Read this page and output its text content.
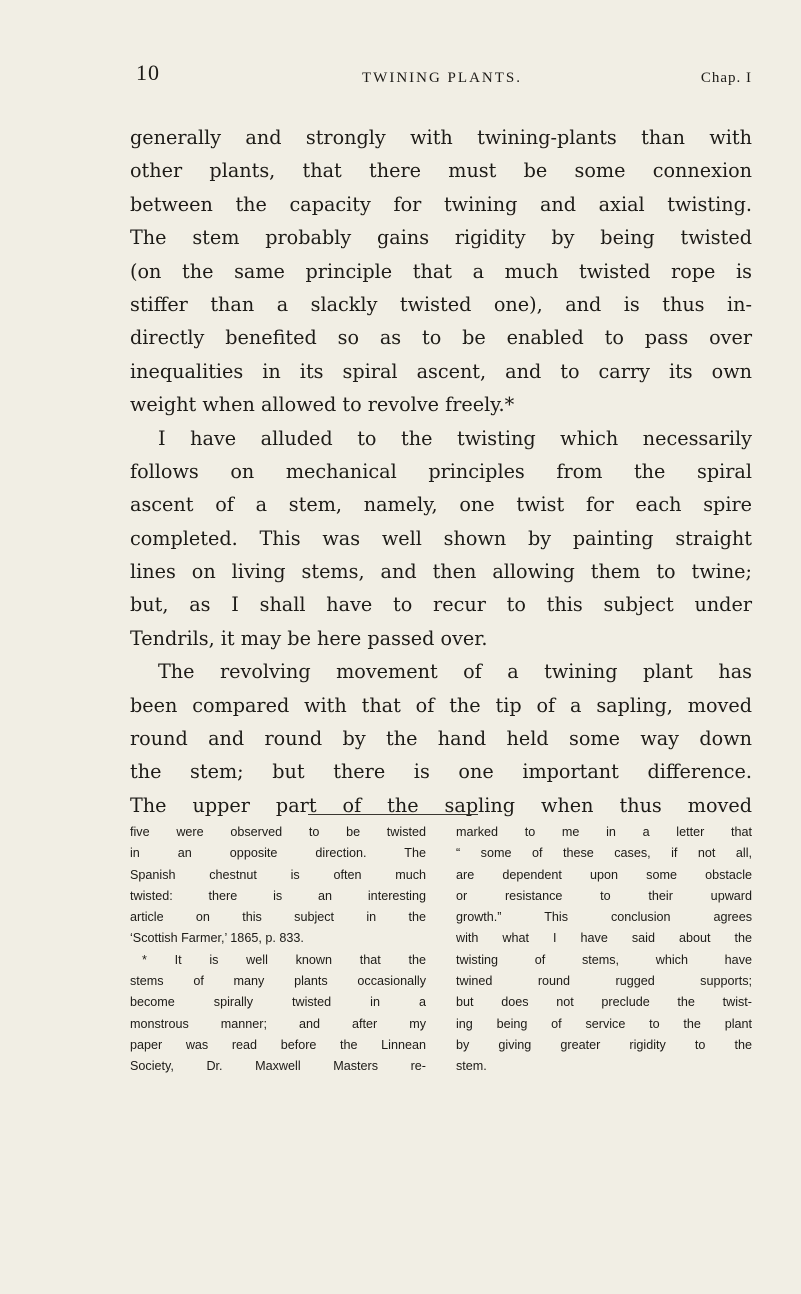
10	TWINING PLANTS.	Chap. I
generally and strongly with twining-plants than with
other plants, that there must be some connexion
between the capacity for twining and axial twisting.
The stem probably gains rigidity by being twisted
(on the same principle that a much twisted rope is
stiffer than a slackly twisted one), and is thus in-
directly benefited so as to be enabled to pass over
inequalities in its spiral ascent, and to carry its own
weight when allowed to revolve freely.*
I have alluded to the twisting which necessarily
follows on mechanical principles from the spiral
ascent of a stem, namely, one twist for each spire
completed. This was well shown by painting straight
lines on living stems, and then allowing them to twine;
but, as I shall have to recur to this subject under
Tendrils, it may be here passed over.
The revolving movement of a twining plant has
been compared with that of the tip of a sapling, moved
round and round by the hand held some way down
the stem; but there is one important difference.
The upper part of the sapling when thus moved
five were observed to be twisted
in an opposite direction. The
Spanish chestnut is often much
twisted: there is an interesting
article on this subject in the
‘Scottish Farmer,’ 1865, p. 833.
* It is well known that the
stems of many plants occasionally
become spirally twisted in a
monstrous manner; and after my
paper was read before the Linnean
Society, Dr. Maxwell Masters re-
marked to me in a letter that
“ some of these cases, if not all,
are dependent upon some obstacle
or resistance to their upward
growth.” This conclusion agrees
with what I have said about the
twisting of stems, which have
twined round rugged supports;
but does not preclude the twist-
ing being of service to the plant
by giving greater rigidity to the
stem.
